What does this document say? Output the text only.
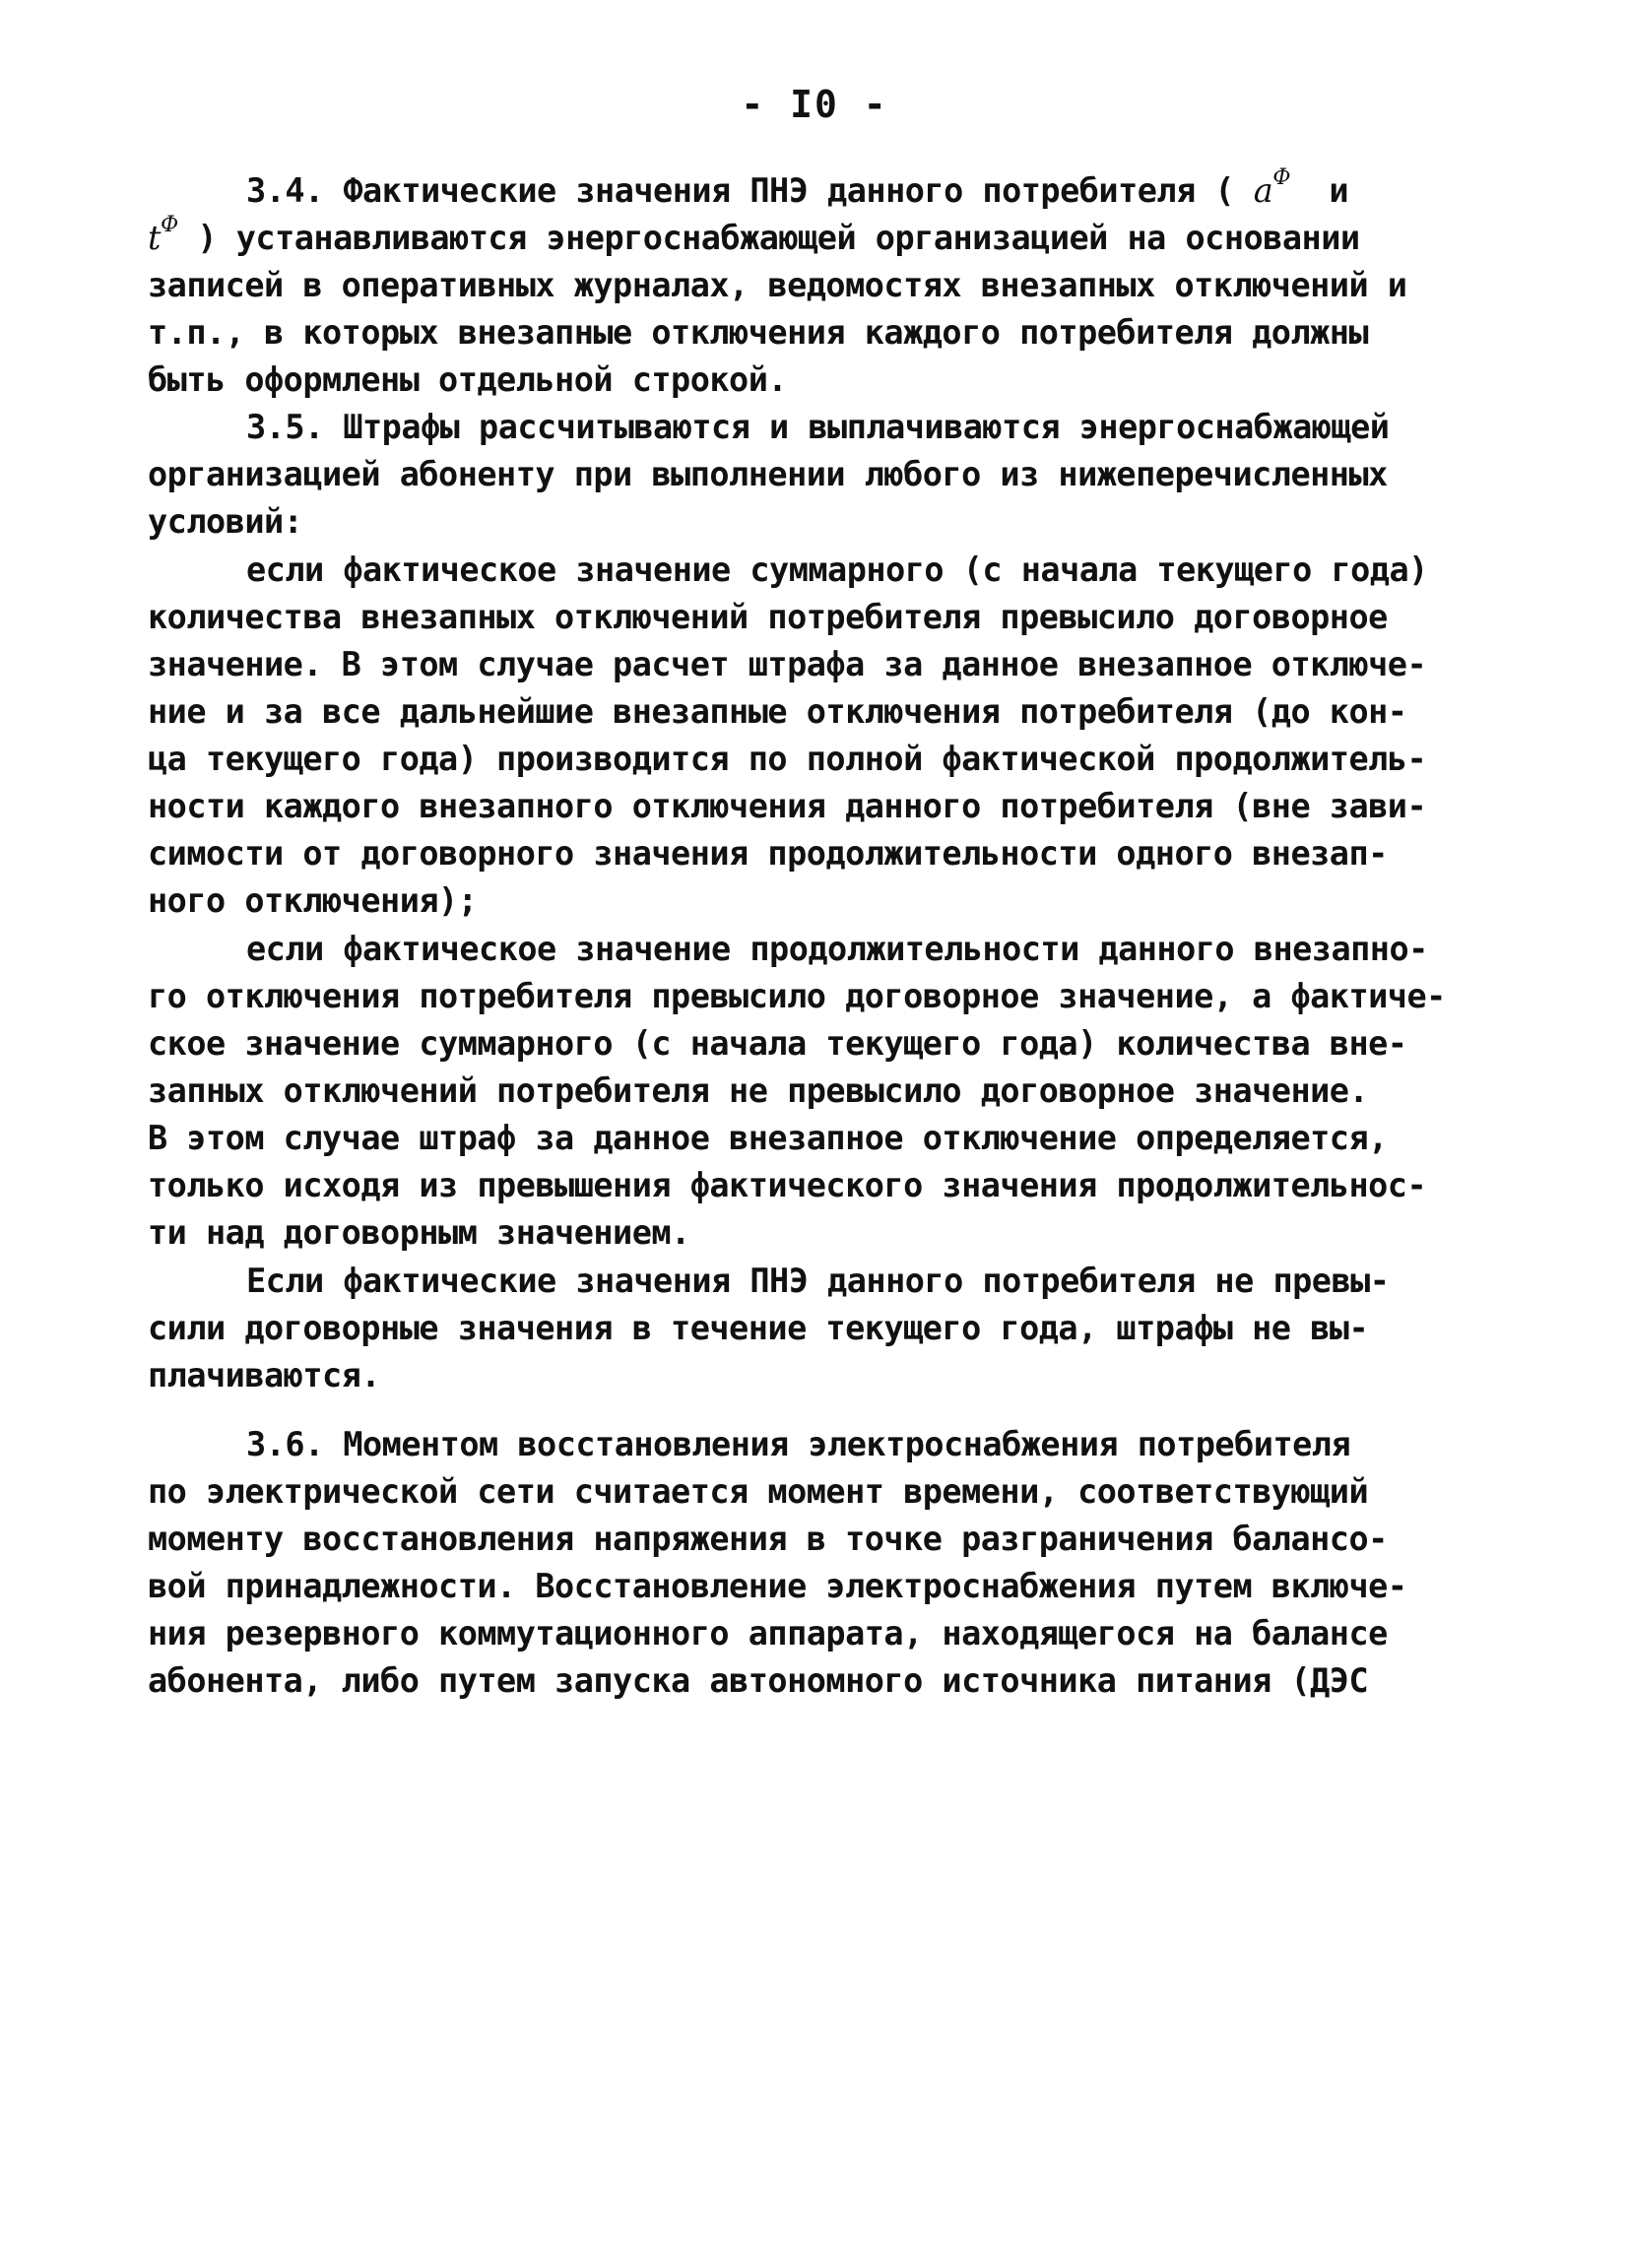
- I0 -
3.4. Фактические значения ПНЭ данного потребителя ( $a^Ф$ и
$t^Ф$ ) устанавливаются энергоснабжающей организацией на основании
записей в оперативных журналах, ведомостях внезапных отключений и
т.п., в которых внезапные отключения каждого потребителя должны
быть оформлены отдельной строкой.
3.5. Штрафы рассчитываются и выплачиваются энергоснабжающей
организацией абоненту при выполнении любого из нижеперечисленных
условий:
если фактическое значение суммарного (с начала текущего года)
количества внезапных отключений потребителя превысило договорное
значение. В этом случае расчет штрафа за данное внезапное отключе-
ние и за все дальнейшие внезапные отключения потребителя (до кон-
ца текущего года) производится по полной фактической продолжитель-
ности каждого внезапного отключения данного потребителя (вне зави-
симости от договорного значения продолжительности одного внезап-
ного отключения);
если фактическое значение продолжительности данного внезапно-
го отключения потребителя превысило договорное значение, а фактиче-
ское значение суммарного (с начала текущего года) количества вне-
запных отключений потребителя не превысило договорное значение.
В этом случае штраф за данное внезапное отключение определяется,
только исходя из превышения фактического значения продолжительнос-
ти над договорным значением.
Если фактические значения ПНЭ данного потребителя не превы-
сили договорные значения в течение текущего года, штрафы не вы-
плачиваются.
3.6. Моментом восстановления электроснабжения потребителя
по электрической сети считается момент времени, соответствующий
моменту восстановления напряжения в точке разграничения балансо-
вой принадлежности. Восстановление электроснабжения путем включе-
ния резервного коммутационного аппарата, находящегося на балансе
абонента, либо путем запуска автономного источника питания (ДЭС
